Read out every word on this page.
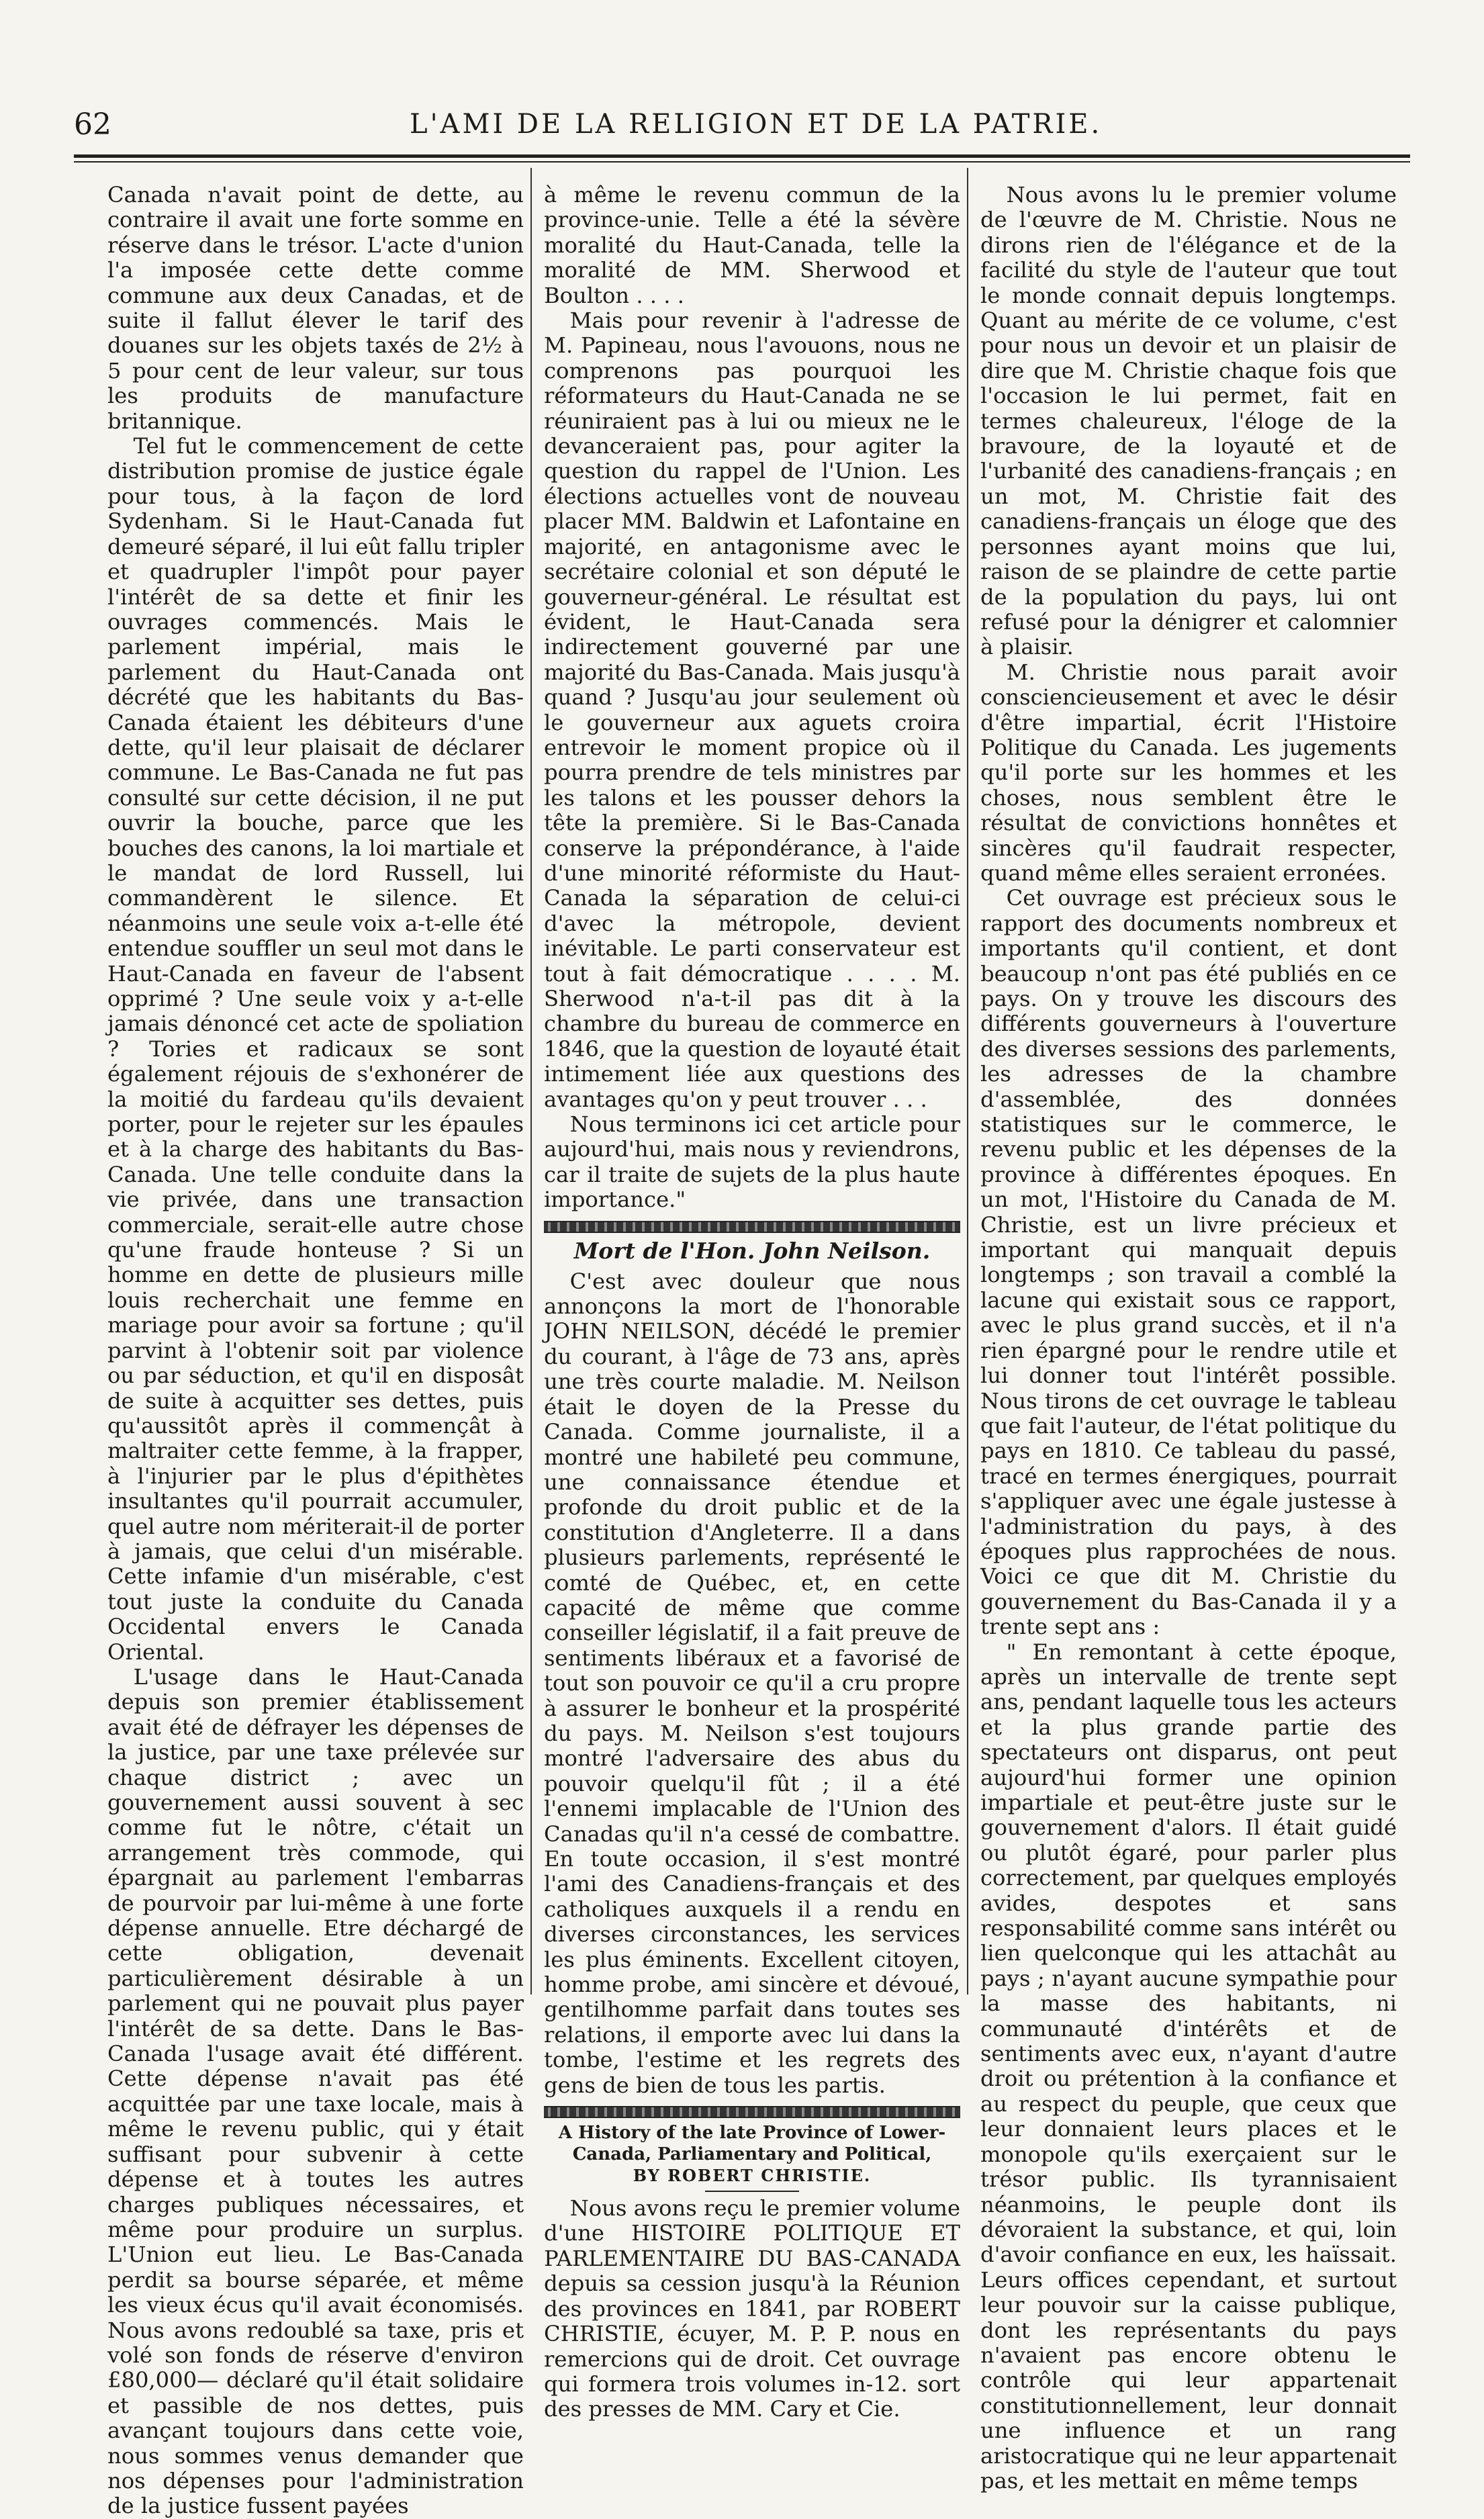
62	L'AMI DE LA RELIGION ET DE LA PATRIE.

Canada n'avait point de dette, au contraire il avait une forte somme en réserve dans le trésor. L'acte d'union l'a imposée cette dette comme commune aux deux Canadas, et de suite il fallut élever le tarif des douanes sur les objets taxés de 2½ à 5 pour cent de leur valeur, sur tous les produits de manufacture britannique.

Tel fut le commencement de cette distribution promise de justice égale pour tous, à la façon de lord Sydenham. Si le Haut-Canada fut demeuré séparé, il lui eût fallu tripler et quadrupler l'impôt pour payer l'intérêt de sa dette et finir les ouvrages commencés. Mais le parlement impérial, mais le parlement du Haut-Canada ont décrété que les habitants du Bas-Canada étaient les débiteurs d'une dette, qu'il leur plaisait de déclarer commune. Le Bas-Canada ne fut pas consulté sur cette décision, il ne put ouvrir la bouche, parce que les bouches des canons, la loi martiale et le mandat de lord Russell, lui commandèrent le silence. Et néanmoins une seule voix a-t-elle été entendue souffler un seul mot dans le Haut-Canada en faveur de l'absent opprimé ? Une seule voix y a-t-elle jamais dénoncé cet acte de spoliation ? Tories et radicaux se sont également réjouis de s'exhonérer de la moitié du fardeau qu'ils devaient porter, pour le rejeter sur les épaules et à la charge des habitants du Bas-Canada. Une telle conduite dans la vie privée, dans une transaction commerciale, serait-elle autre chose qu'une fraude honteuse ? Si un homme en dette de plusieurs mille louis recherchait une femme en mariage pour avoir sa fortune ; qu'il parvint à l'obtenir soit par violence ou par séduction, et qu'il en disposât de suite à acquitter ses dettes, puis qu'aussitôt après il commençât à maltraiter cette femme, à la frapper, à l'injurier par le plus d'épithètes insultantes qu'il pourrait accumuler, quel autre nom mériterait-il de porter à jamais, que celui d'un misérable. Cette infamie d'un misérable, c'est tout juste la conduite du Canada Occidental envers le Canada Oriental.

L'usage dans le Haut-Canada depuis son premier établissement avait été de défrayer les dépenses de la justice, par une taxe prélevée sur chaque district ; avec un gouvernement aussi souvent à sec comme fut le nôtre, c'était un arrangement très commode, qui épargnait au parlement l'embarras de pourvoir par lui-même à une forte dépense annuelle. Etre déchargé de cette obligation, devenait particulièrement désirable à un parlement qui ne pouvait plus payer l'intérêt de sa dette. Dans le Bas-Canada l'usage avait été différent. Cette dépense n'avait pas été acquittée par une taxe locale, mais à même le revenu public, qui y était suffisant pour subvenir à cette dépense et à toutes les autres charges publiques nécessaires, et même pour produire un surplus. L'Union eut lieu. Le Bas-Canada perdit sa bourse séparée, et même les vieux écus qu'il avait économisés. Nous avons redoublé sa taxe, pris et volé son fonds de réserve d'environ £80,000— déclaré qu'il était solidaire et passible de nos dettes, puis avançant toujours dans cette voie, nous sommes venus demander que nos dépenses pour l'administration de la justice fussent payées

à même le revenu commun de la province-unie. Telle a été la sévère moralité du Haut-Canada, telle la moralité de MM. Sherwood et Boulton . . . .

Mais pour revenir à l'adresse de M. Papineau, nous l'avouons, nous ne comprenons pas pourquoi les réformateurs du Haut-Canada ne se réuniraient pas à lui ou mieux ne le devanceraient pas, pour agiter la question du rappel de l'Union. Les élections actuelles vont de nouveau placer MM. Baldwin et Lafontaine en majorité, en antagonisme avec le secrétaire colonial et son député le gouverneur-général. Le résultat est évident, le Haut-Canada sera indirectement gouverné par une majorité du Bas-Canada. Mais jusqu'à quand ? Jusqu'au jour seulement où le gouverneur aux aguets croira entrevoir le moment propice où il pourra prendre de tels ministres par les talons et les pousser dehors la tête la première. Si le Bas-Canada conserve la prépondérance, à l'aide d'une minorité réformiste du Haut-Canada la séparation de celui-ci d'avec la métropole, devient inévitable. Le parti conservateur est tout à fait démocratique . . . . M. Sherwood n'a-t-il pas dit à la chambre du bureau de commerce en 1846, que la question de loyauté était intimement liée aux questions des avantages qu'on y peut trouver . . .

Nous terminons ici cet article pour aujourd'hui, mais nous y reviendrons, car il traite de sujets de la plus haute importance."

Mort de l'Hon. John Neilson.

C'est avec douleur que nous annonçons la mort de l'honorable JOHN NEILSON, décédé le premier du courant, à l'âge de 73 ans, après une très courte maladie. M. Neilson était le doyen de la Presse du Canada. Comme journaliste, il a montré une habileté peu commune, une connaissance étendue et profonde du droit public et de la constitution d'Angleterre. Il a dans plusieurs parlements, représenté le comté de Québec, et, en cette capacité de même que comme conseiller législatif, il a fait preuve de sentiments libéraux et a favorisé de tout son pouvoir ce qu'il a cru propre à assurer le bonheur et la prospérité du pays. M. Neilson s'est toujours montré l'adversaire des abus du pouvoir quelqu'il fût ; il a été l'ennemi implacable de l'Union des Canadas qu'il n'a cessé de combattre. En toute occasion, il s'est montré l'ami des Canadiens-français et des catholiques auxquels il a rendu en diverses circonstances, les services les plus éminents. Excellent citoyen, homme probe, ami sincère et dévoué, gentilhomme parfait dans toutes ses relations, il emporte avec lui dans la tombe, l'estime et les regrets des gens de bien de tous les partis.

A History of the late Province of Lower-Canada, Parliamentary and Political,
BY ROBERT CHRISTIE.

Nous avons reçu le premier volume d'une HISTOIRE POLITIQUE ET PARLEMENTAIRE DU BAS-CANADA depuis sa cession jusqu'à la Réunion des provinces en 1841, par ROBERT CHRISTIE, écuyer, M. P. P. nous en remercions qui de droit. Cet ouvrage qui formera trois volumes in-12. sort des presses de MM. Cary et Cie.

Nous avons lu le premier volume de l'œuvre de M. Christie. Nous ne dirons rien de l'élégance et de la facilité du style de l'auteur que tout le monde connait depuis longtemps. Quant au mérite de ce volume, c'est pour nous un devoir et un plaisir de dire que M. Christie chaque fois que l'occasion le lui permet, fait en termes chaleureux, l'éloge de la bravoure, de la loyauté et de l'urbanité des canadiens-français ; en un mot, M. Christie fait des canadiens-français un éloge que des personnes ayant moins que lui, raison de se plaindre de cette partie de la population du pays, lui ont refusé pour la dénigrer et calomnier à plaisir.

M. Christie nous parait avoir consciencieusement et avec le désir d'être impartial, écrit l'Histoire Politique du Canada. Les jugements qu'il porte sur les hommes et les choses, nous semblent être le résultat de convictions honnêtes et sincères qu'il faudrait respecter, quand même elles seraient erronées.

Cet ouvrage est précieux sous le rapport des documents nombreux et importants qu'il contient, et dont beaucoup n'ont pas été publiés en ce pays. On y trouve les discours des différents gouverneurs à l'ouverture des diverses sessions des parlements, les adresses de la chambre d'assemblée, des données statistiques sur le commerce, le revenu public et les dépenses de la province à différentes époques. En un mot, l'Histoire du Canada de M. Christie, est un livre précieux et important qui manquait depuis longtemps ; son travail a comblé la lacune qui existait sous ce rapport, avec le plus grand succès, et il n'a rien épargné pour le rendre utile et lui donner tout l'intérêt possible. Nous tirons de cet ouvrage le tableau que fait l'auteur, de l'état politique du pays en 1810. Ce tableau du passé, tracé en termes énergiques, pourrait s'appliquer avec une égale justesse à l'administration du pays, à des époques plus rapprochées de nous. Voici ce que dit M. Christie du gouvernement du Bas-Canada il y a trente sept ans :

" En remontant à cette époque, après un intervalle de trente sept ans, pendant laquelle tous les acteurs et la plus grande partie des spectateurs ont disparus, ont peut aujourd'hui former une opinion impartiale et peut-être juste sur le gouvernement d'alors. Il était guidé ou plutôt égaré, pour parler plus correctement, par quelques employés avides, despotes et sans responsabilité comme sans intérêt ou lien quelconque qui les attachât au pays ; n'ayant aucune sympathie pour la masse des habitants, ni communauté d'intérêts et de sentiments avec eux, n'ayant d'autre droit ou prétention à la confiance et au respect du peuple, que ceux que leur donnaient leurs places et le monopole qu'ils exerçaient sur le trésor public. Ils tyrannisaient néanmoins, le peuple dont ils dévoraient la substance, et qui, loin d'avoir confiance en eux, les haïssait. Leurs offices cependant, et surtout leur pouvoir sur la caisse publique, dont les représentants du pays n'avaient pas encore obtenu le contrôle qui leur appartenait constitutionnellement, leur donnait une influence et un rang aristocratique qui ne leur appartenait pas, et les mettait en même temps
